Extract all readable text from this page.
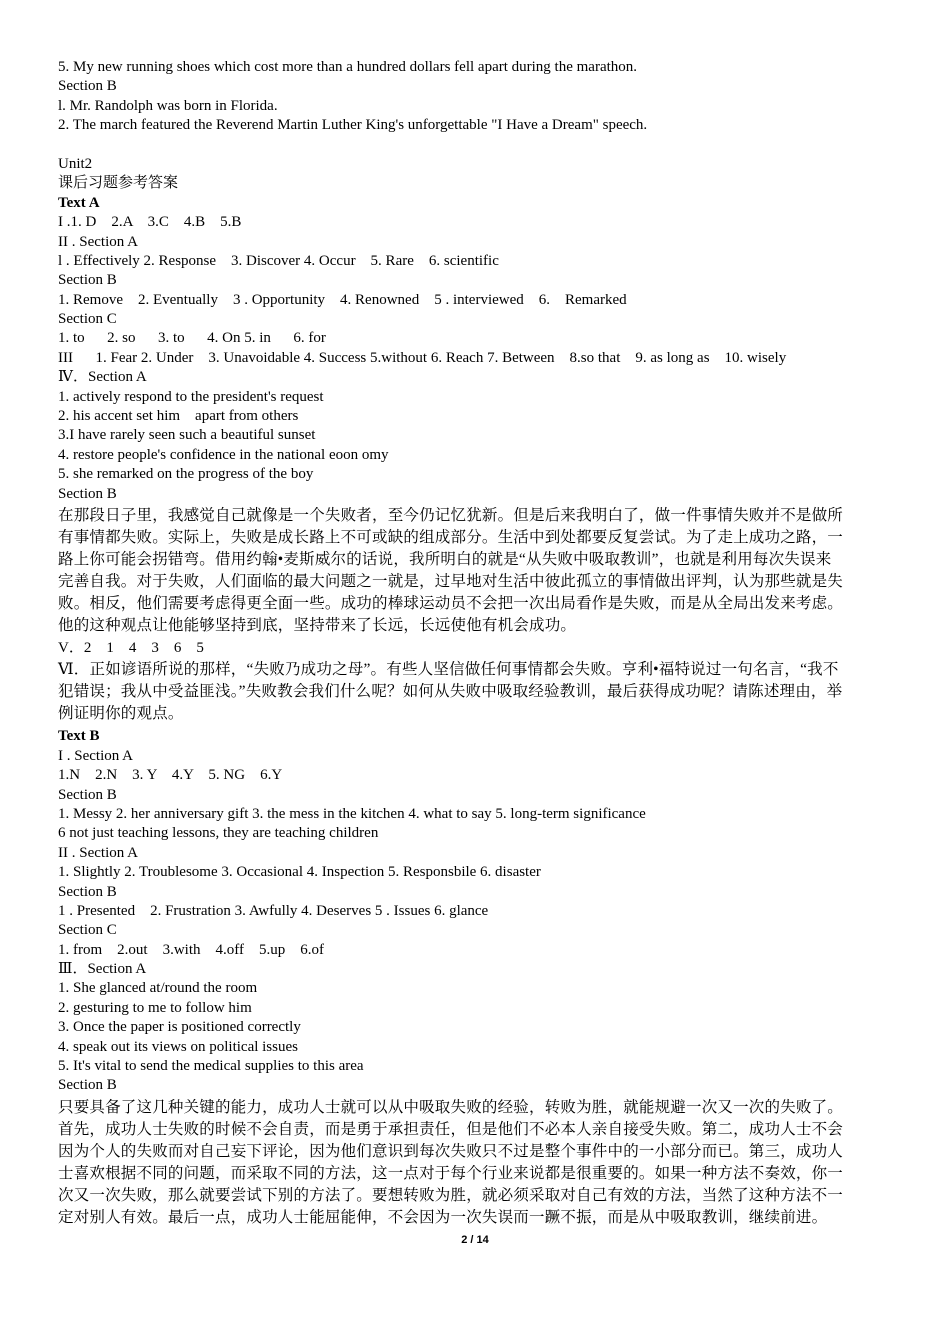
5. My new running shoes which cost more than a hundred dollars fell apart during the marathon.
Section B
l. Mr. Randolph was born in Florida.
2. The march featured the Reverend Martin Luther King's unforgettable "I Have a Dream" speech.
Unit2
课后习题参考答案
Text A
I .1. D    2.A    3.C    4.B    5.B
II . Section A
l . Effectively 2. Response    3. Discover 4. Occur    5. Rare    6. scientific
Section B
1. Remove    2. Eventually    3 . Opportunity    4. Renowned    5 . interviewed    6.    Remarked
Section C
1. to      2. so      3. to      4. On 5. in      6. for
III      1. Fear 2. Under    3. Unavoidable 4. Success 5.without 6. Reach 7. Between    8.so that    9. as long as    10. wisely
Ⅳ．Section A
1. actively respond to the president's request
2. his accent set him    apart from others
3.I have rarely seen such a beautiful sunset
4. restore people's confidence in the national eoon omy
5. she remarked on the progress of the boy
Section B
在那段日子里，我感觉自己就像是一个失败者，至今仍记忆犹新。但是后来我明白了，做一件事情失败并不是做所
有事情都失败。实际上，失败是成长路上不可或缺的组成部分。生活中到处都要反复尝试。为了走上成功之路，一
路上你可能会拐错弯。借用约翰•麦斯威尔的话说，我所明白的就是“从失败中吸取教训”，也就是利用每次失误来
完善自我。对于失败，人们面临的最大问题之一就是，过早地对生活中彼此孤立的事情做出评判，认为那些就是失
败。相反，他们需要考虑得更全面一些。成功的棒球运动员不会把一次出局看作是失败，而是从全局出发来考虑。
他的这种观点让他能够坚持到底，坚持带来了长远，长远使他有机会成功。
V．2    1    4    3    6    5
Ⅵ．正如谚语所说的那样，“失败乃成功之母”。有些人坚信做任何事情都会失败。亨利•福特说过一句名言，“我不
犯错误；我从中受益匪浅。”失败教会我们什么呢？如何从失败中吸取经验教训，最后获得成功呢？请陈述理由，举
例证明你的观点。
Text B
I . Section A
1.N    2.N    3. Y    4.Y    5. NG    6.Y
Section B
1. Messy 2. her anniversary gift 3. the mess in the kitchen 4. what to say 5. long-term significance
6 not just teaching lessons, they are teaching children
II . Section A
1. Slightly 2. Troublesome 3. Occasional 4. Inspection 5. Responsbile 6. disaster
Section B
1 . Presented    2. Frustration 3. Awfully 4. Deserves 5 . Issues 6. glance
Section C
1. from    2.out    3.with    4.off    5.up    6.of
Ⅲ．Section A
1. She glanced at/round the room
2. gesturing to me to follow him
3. Once the paper is positioned correctly
4. speak out its views on political issues
5. It's vital to send the medical supplies to this area
Section B
只要具备了这几种关键的能力，成功人士就可以从中吸取失败的经验，转败为胜，就能规避一次又一次的失败了。
首先，成功人士失败的时候不会自责，而是勇于承担责任，但是他们不必本人亲自接受失败。第二，成功人士不会
因为个人的失败而对自己妄下评论，因为他们意识到每次失败只不过是整个事件中的一小部分而已。第三，成功人
士喜欢根据不同的问题，而采取不同的方法，这一点对于每个行业来说都是很重要的。如果一种方法不奏效，你一
次又一次失败，那么就要尝试下别的方法了。要想转败为胜，就必须采取对自己有效的方法，当然了这种方法不一
定对别人有效。最后一点，成功人士能屈能伸，不会因为一次失误而一蹶不振，而是从中吸取教训，继续前进。
2 / 14
